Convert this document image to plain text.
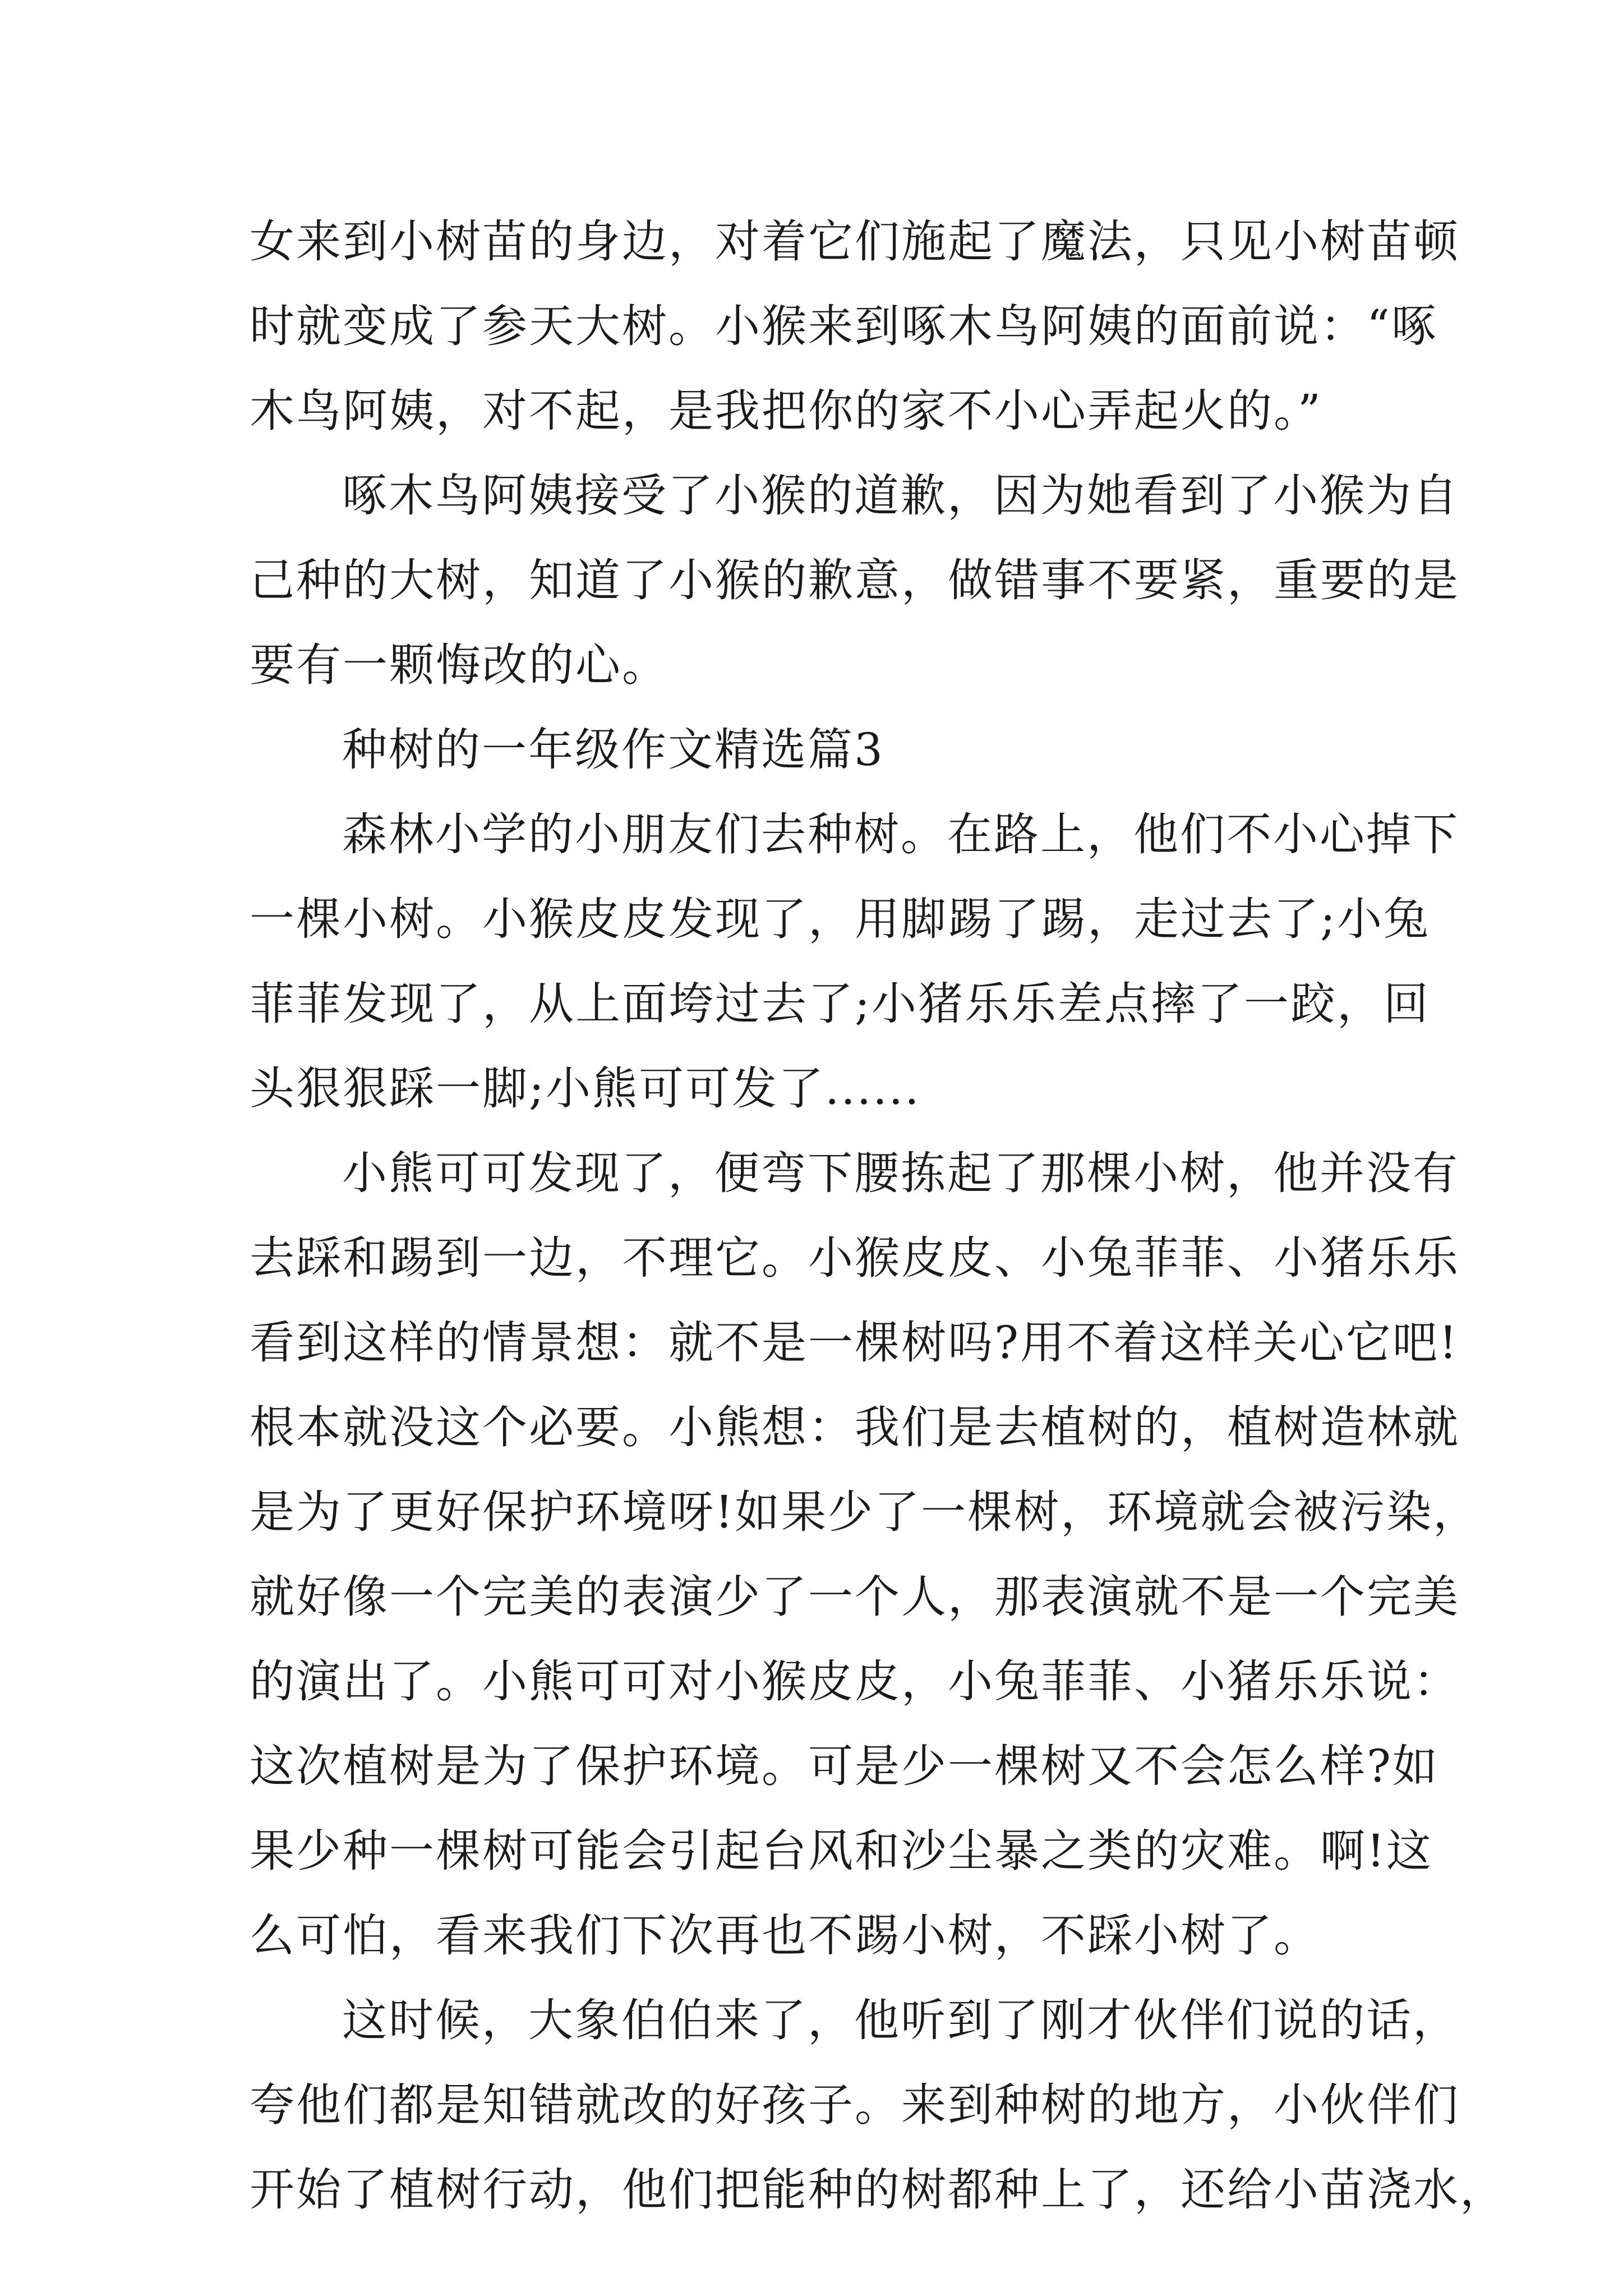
女来到小树苗的身边，对着它们施起了魔法，只见小树苗顿
时就变成了参天大树。小猴来到啄木鸟阿姨的面前说：“啄
木鸟阿姨，对不起，是我把你的家不小心弄起火的。”
啄木鸟阿姨接受了小猴的道歉，因为她看到了小猴为自
己种的大树，知道了小猴的歉意，做错事不要紧，重要的是
要有一颗悔改的心。
种树的一年级作文精选篇3
森林小学的小朋友们去种树。在路上，他们不小心掉下
一棵小树。小猴皮皮发现了，用脚踢了踢，走过去了;小兔
菲菲发现了，从上面垮过去了;小猪乐乐差点摔了一跤，回
头狠狠踩一脚;小熊可可发了......
小熊可可发现了，便弯下腰拣起了那棵小树，他并没有
去踩和踢到一边，不理它。小猴皮皮、小兔菲菲、小猪乐乐
看到这样的情景想：就不是一棵树吗?用不着这样关心它吧!
根本就没这个必要。小熊想：我们是去植树的，植树造林就
是为了更好保护环境呀!如果少了一棵树，环境就会被污染，
就好像一个完美的表演少了一个人，那表演就不是一个完美
的演出了。小熊可可对小猴皮皮，小兔菲菲、小猪乐乐说：
这次植树是为了保护环境。可是少一棵树又不会怎么样?如
果少种一棵树可能会引起台风和沙尘暴之类的灾难。啊!这
么可怕，看来我们下次再也不踢小树，不踩小树了。
这时候，大象伯伯来了，他听到了刚才伙伴们说的话，
夸他们都是知错就改的好孩子。来到种树的地方，小伙伴们
开始了植树行动，他们把能种的树都种上了，还给小苗浇水，
